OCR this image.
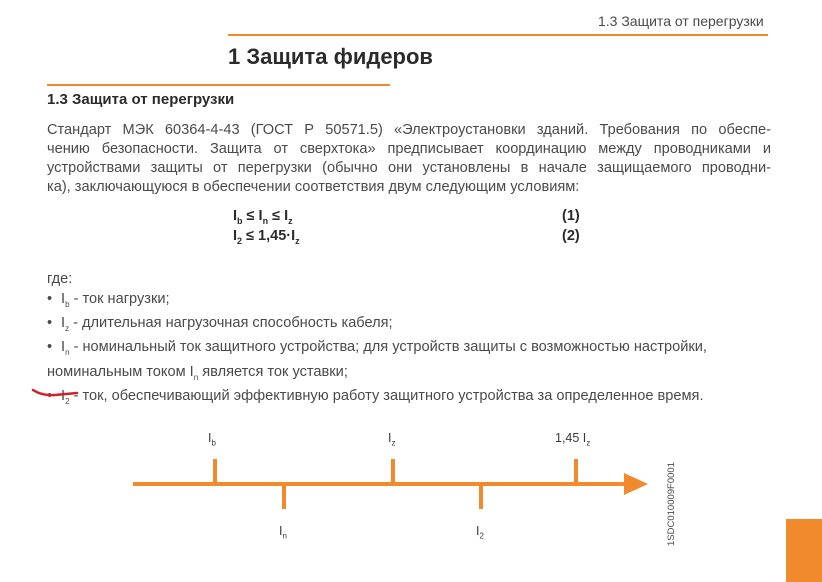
1.3 Защита от перегрузки
1 Защита фидеров
1.3 Защита от перегрузки
Стандарт МЭК 60364-4-43 (ГОСТ Р 50571.5) «Электроустановки зданий. Требования по обеспе-
чению безопасности. Защита от сверхтока» предписывает координацию между проводниками и
устройствами защиты от перегрузки (обычно они установлены в начале защищаемого проводни-
ка), заключающуюся в обеспечении соответствия двум следующим условиям:
$I_b \le I_n \le I_z$	(1)
$I_2 \le 1,45\cdot I_z$	(2)
где:
• $I_b$ - ток нагрузки;
• $I_z$ - длительная нагрузочная способность кабеля;
• $I_n$ - номинальный ток защитного устройства; для устройств защиты с возможностью настройки,
номинальным током $I_n$ является ток уставки;
• $I_2$ - ток, обеспечивающий эффективную работу защитного устройства за определенное время.
$I_b$	$I_z$	1,45 $I_z$
$I_n$	$I_2$	1SDC010009F0001
